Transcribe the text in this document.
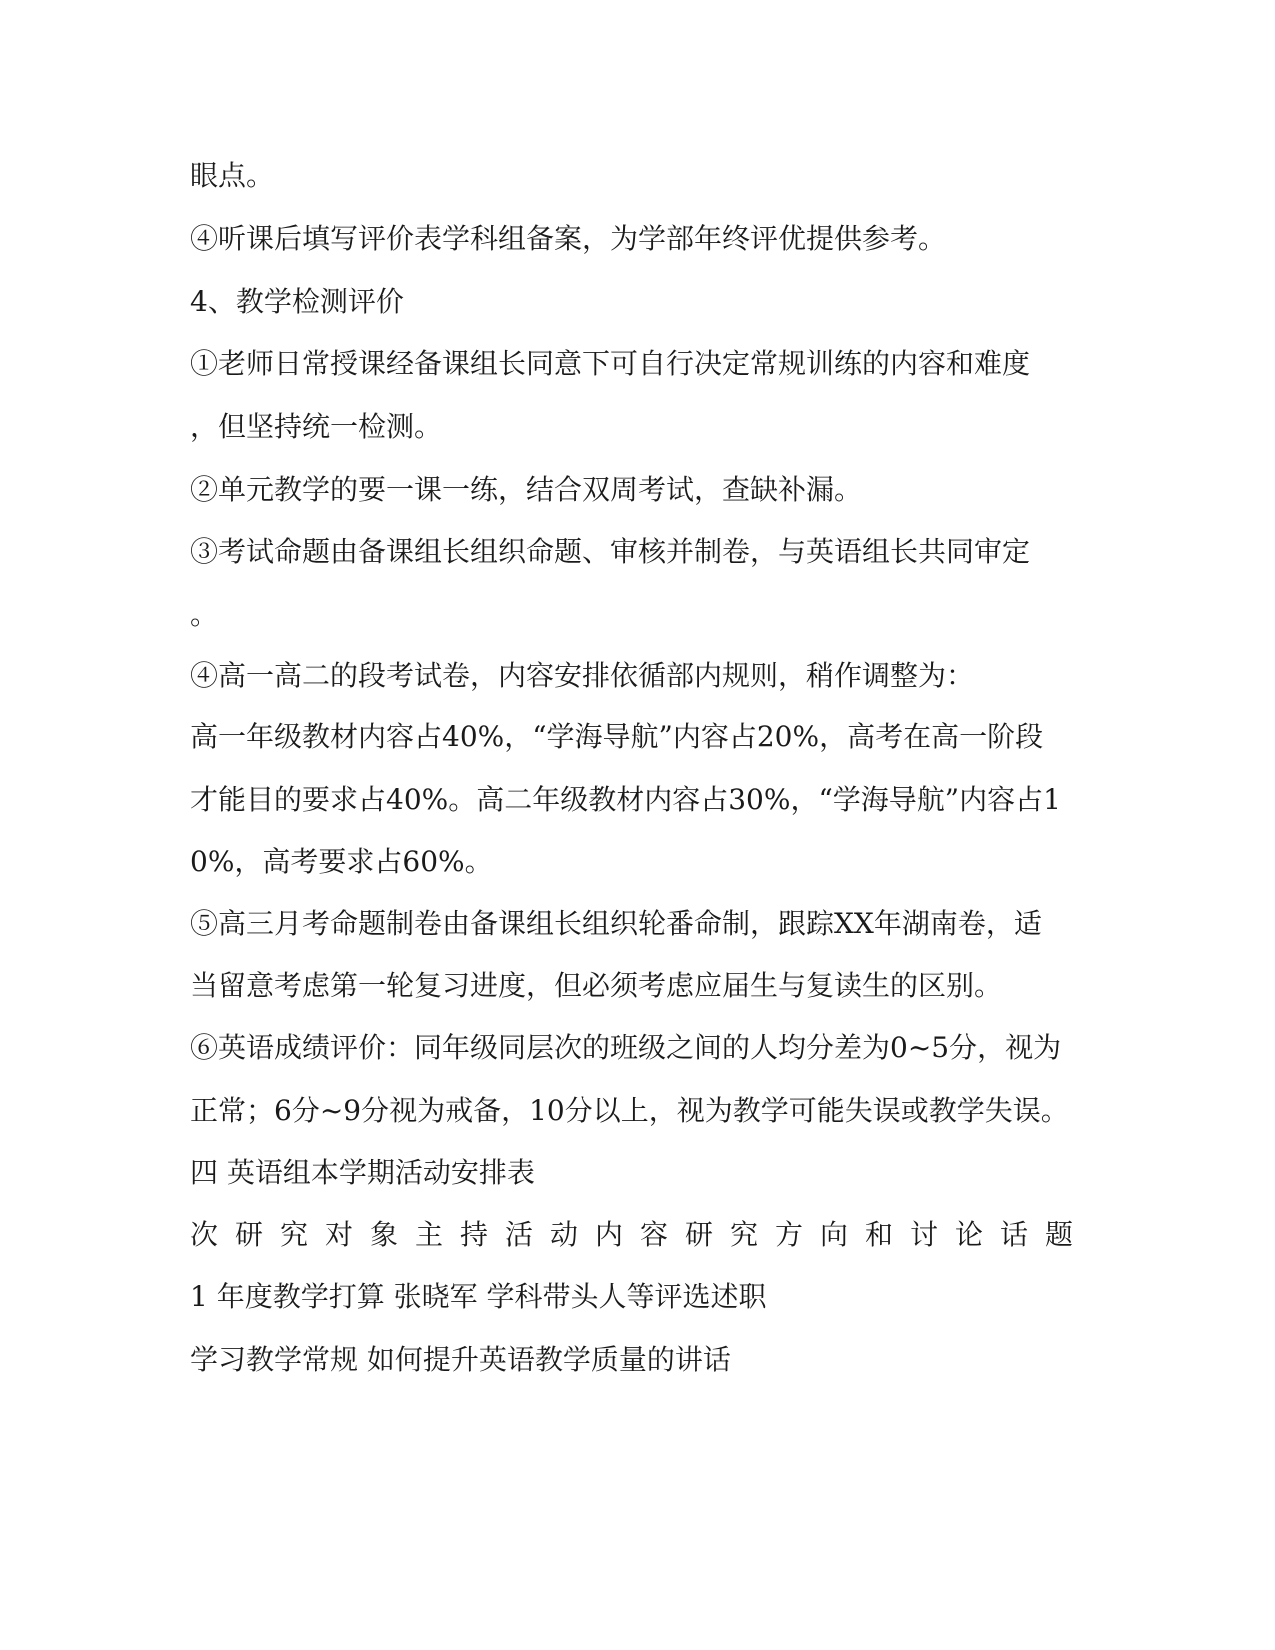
眼点。
④听课后填写评价表学科组备案，为学部年终评优提供参考。
4、教学检测评价
①老师日常授课经备课组长同意下可自行决定常规训练的内容和难度
，但坚持统一检测。
②单元教学的要一课一练，结合双周考试，查缺补漏。
③考试命题由备课组长组织命题、审核并制卷，与英语组长共同审定
。
④高一高二的段考试卷，内容安排依循部内规则，稍作调整为：
高一年级教材内容占40%，“学海导航”内容占20%，高考在高一阶段
才能目的要求占40%。高二年级教材内容占30%，“学海导航”内容占1
0%，高考要求占60%。
⑤高三月考命题制卷由备课组长组织轮番命制，跟踪XX年湖南卷，适
当留意考虑第一轮复习进度，但必须考虑应届生与复读生的区别。
⑥英语成绩评价：同年级同层次的班级之间的人均分差为0~5分，视为
正常；6分~9分视为戒备，10分以上，视为教学可能失误或教学失误。
四 英语组本学期活动安排表
次研究对象主持活动内容研究方向和讨论话题
1 年度教学打算 张晓军 学科带头人等评选述职
学习教学常规 如何提升英语教学质量的讲话
